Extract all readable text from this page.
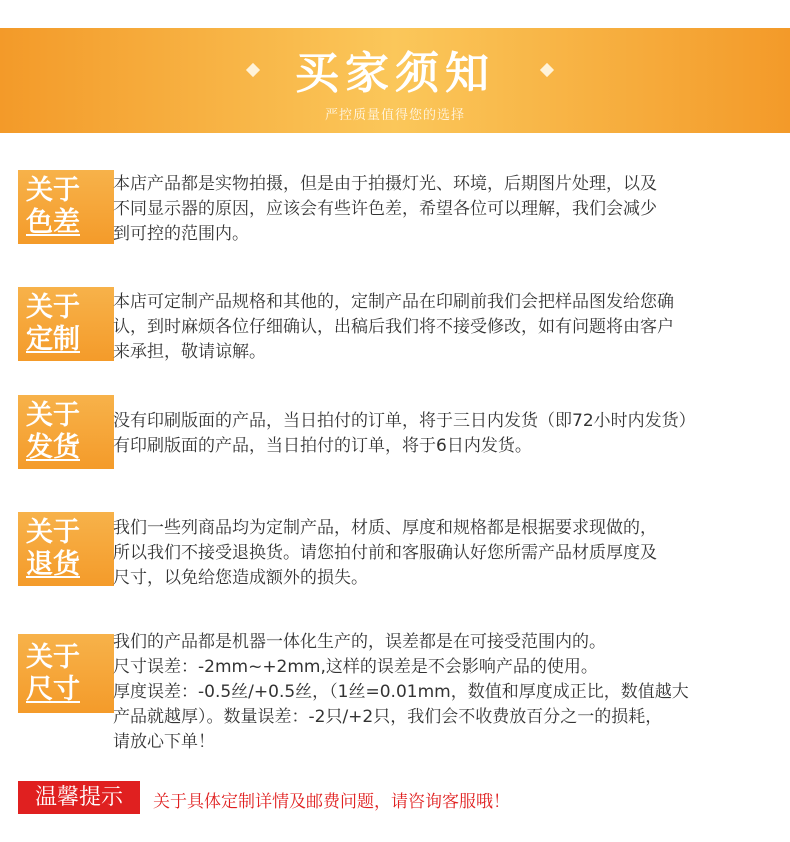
买家须知
严控质量值得您的选择
关于
色差

本店产品都是实物拍摄，但是由于拍摄灯光、环境，后期图片处理，以及

不同显示器的原因，应该会有些许色差，希望各位可以理解，我们会减少

到可控的范围内。

关于
定制

本店可定制产品规格和其他的，定制产品在印刷前我们会把样品图发给您确

认，到时麻烦各位仔细确认，出稿后我们将不接受修改，如有问题将由客户

来承担，敬请谅解。

关于
发货

没有印刷版面的产品，当日拍付的订单，将于三日内发货（即72小时内发货）

有印刷版面的产品，当日拍付的订单，将于6日内发货。

关于
退货

我们一些列商品均为定制产品，材质、厚度和规格都是根据要求现做的，

所以我们不接受退换货。请您拍付前和客服确认好您所需产品材质厚度及

尺寸，以免给您造成额外的损失。

关于
尺寸

我们的产品都是机器一体化生产的，误差都是在可接受范围内的。

尺寸误差：-2mm~+2mm,这样的误差是不会影响产品的使用。

厚度误差：-0.5丝/+0.5丝，（1丝=0.01mm，数值和厚度成正比，数值越大

产品就越厚）。数量误差：-2只/+2只，我们会不收费放百分之一的损耗，

请放心下单！

温馨提示	关于具体定制详情及邮费问题，请咨询客服哦！
